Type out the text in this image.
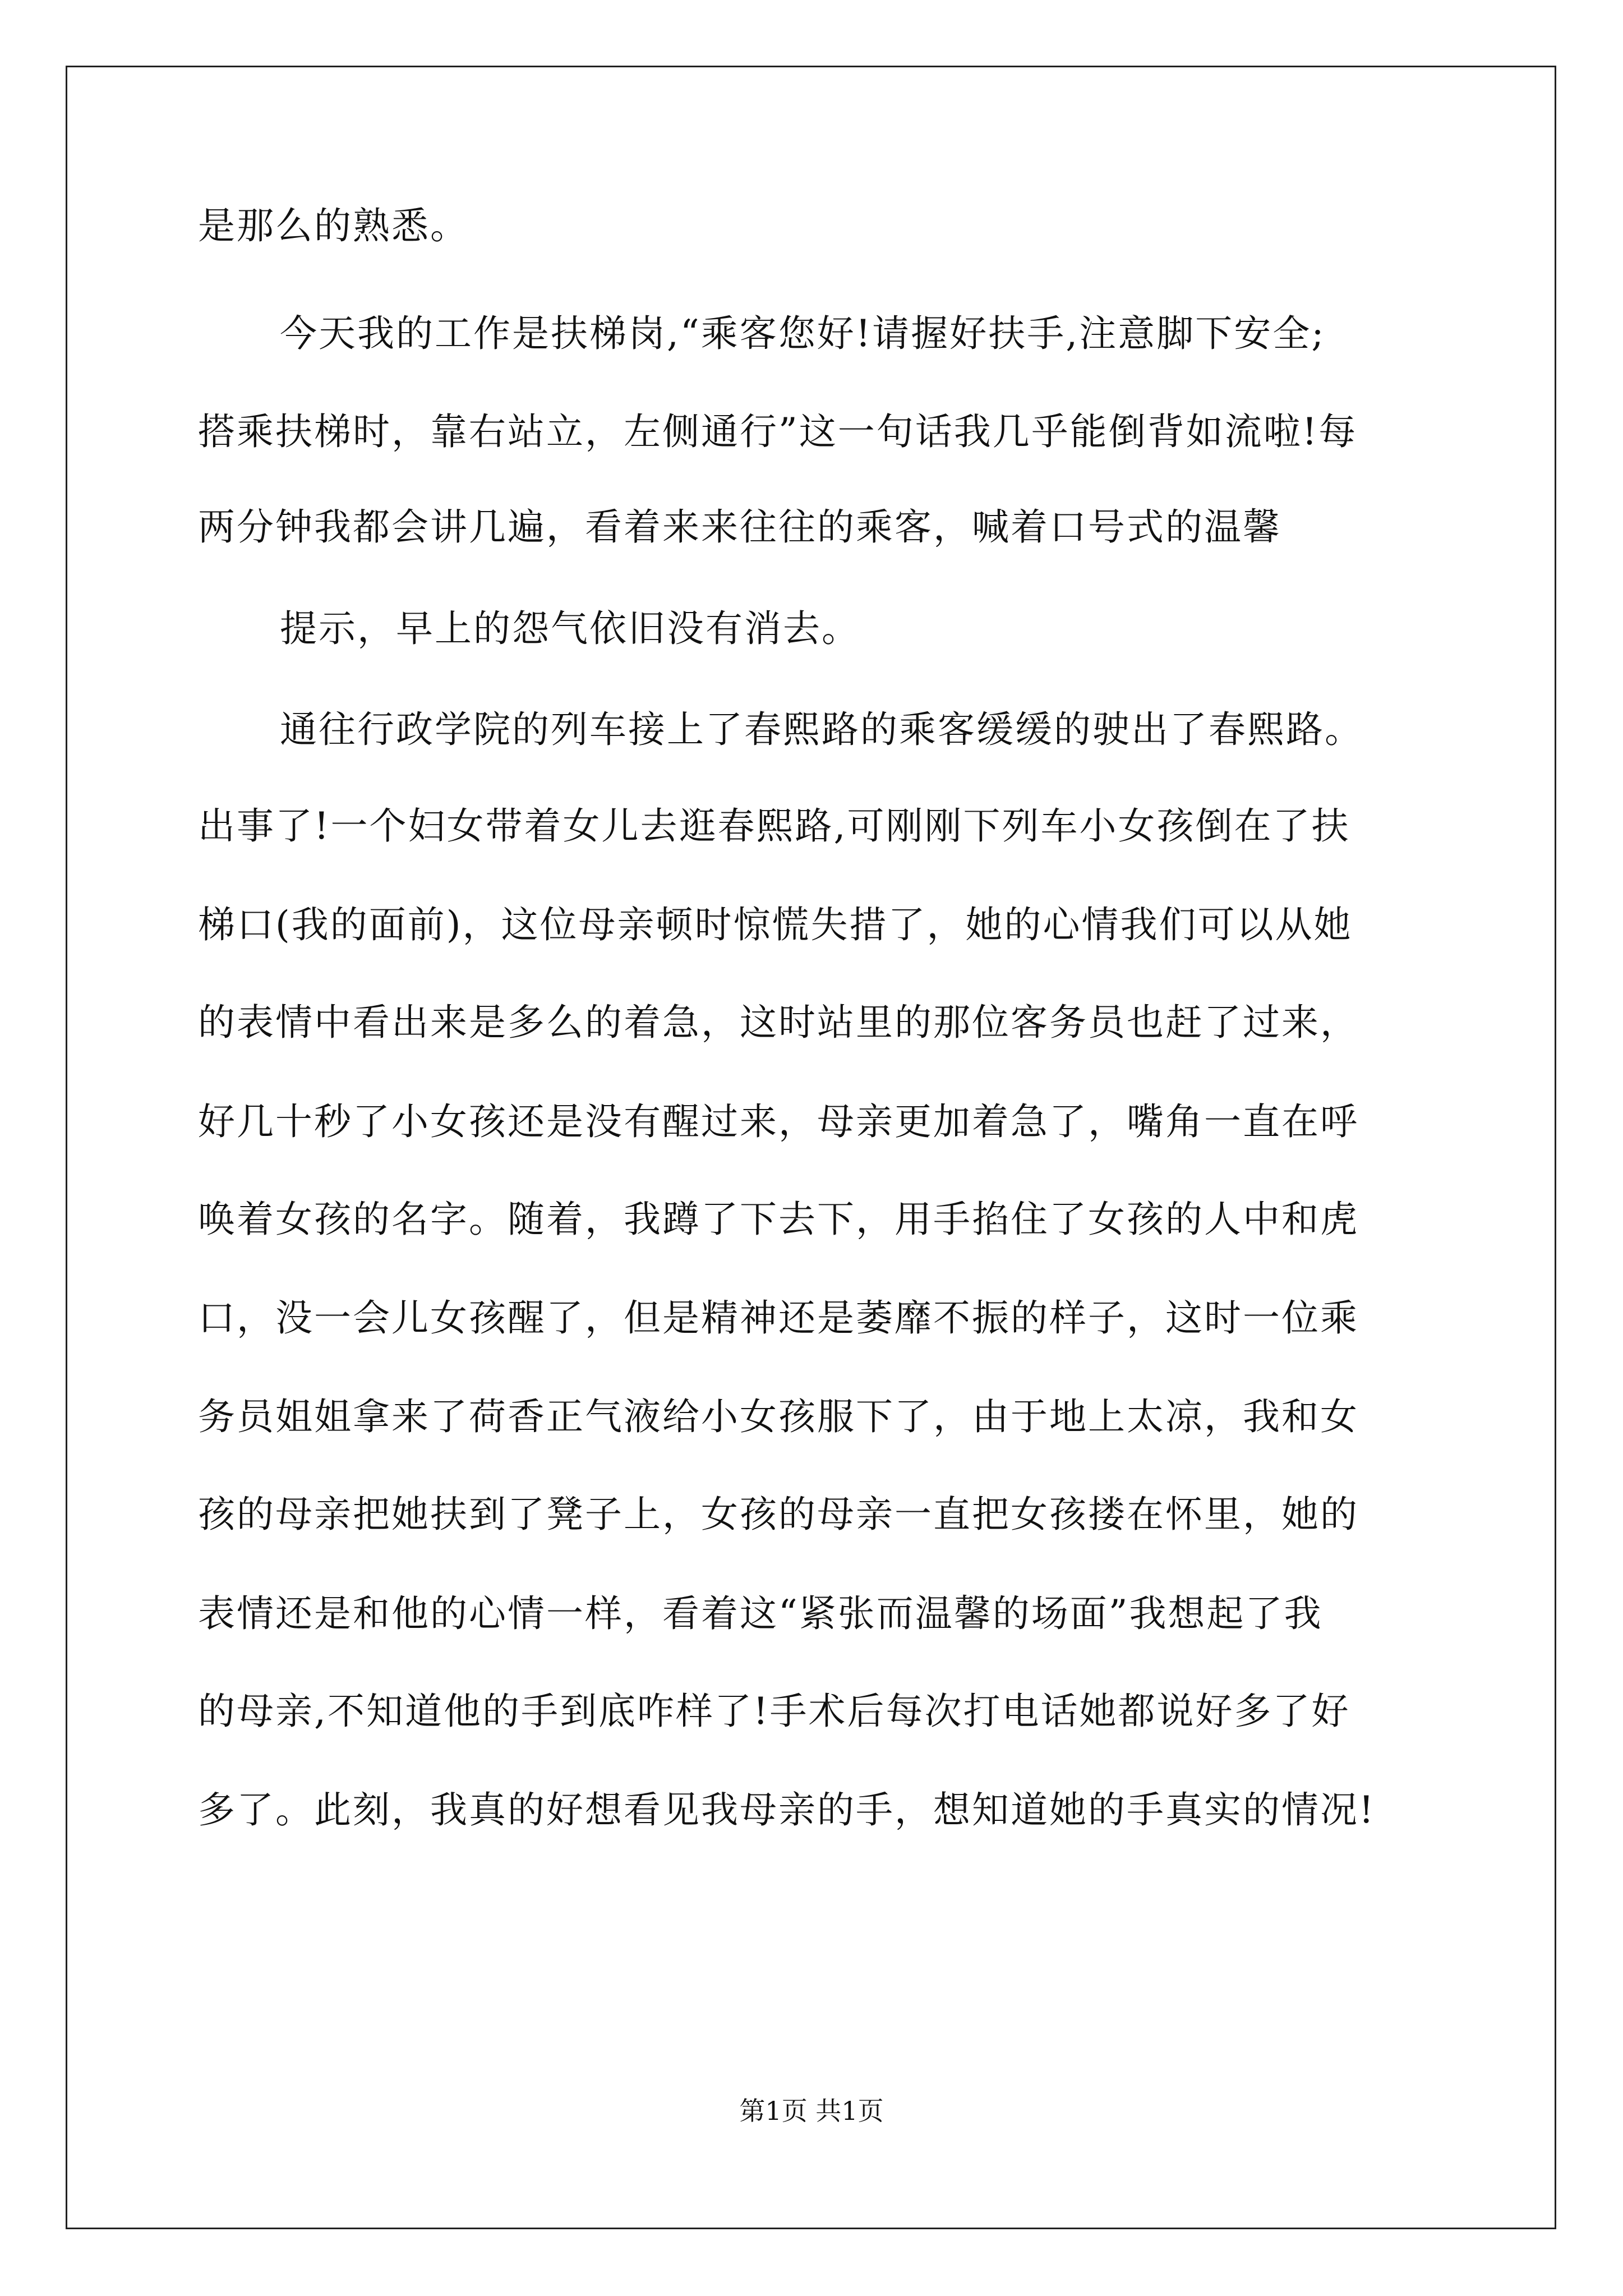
是那么的熟悉。
今天我的工作是扶梯岗,“乘客您好!请握好扶手,注意脚下安全;
搭乘扶梯时，靠右站立，左侧通行”这一句话我几乎能倒背如流啦!每
两分钟我都会讲几遍，看着来来往往的乘客，喊着口号式的温馨
提示，早上的怨气依旧没有消去。
通往行政学院的列车接上了春熙路的乘客缓缓的驶出了春熙路。
出事了!一个妇女带着女儿去逛春熙路,可刚刚下列车小女孩倒在了扶
梯口(我的面前)，这位母亲顿时惊慌失措了，她的心情我们可以从她
的表情中看出来是多么的着急，这时站里的那位客务员也赶了过来，
好几十秒了小女孩还是没有醒过来，母亲更加着急了，嘴角一直在呼
唤着女孩的名字。随着，我蹲了下去下，用手掐住了女孩的人中和虎
口，没一会儿女孩醒了，但是精神还是萎靡不振的样子，这时一位乘
务员姐姐拿来了荷香正气液给小女孩服下了，由于地上太凉，我和女
孩的母亲把她扶到了凳子上，女孩的母亲一直把女孩搂在怀里，她的
表情还是和他的心情一样，看着这“紧张而温馨的场面”我想起了我
的母亲,不知道他的手到底咋样了!手术后每次打电话她都说好多了好
多了。此刻，我真的好想看见我母亲的手，想知道她的手真实的情况!
第1页 共1页
